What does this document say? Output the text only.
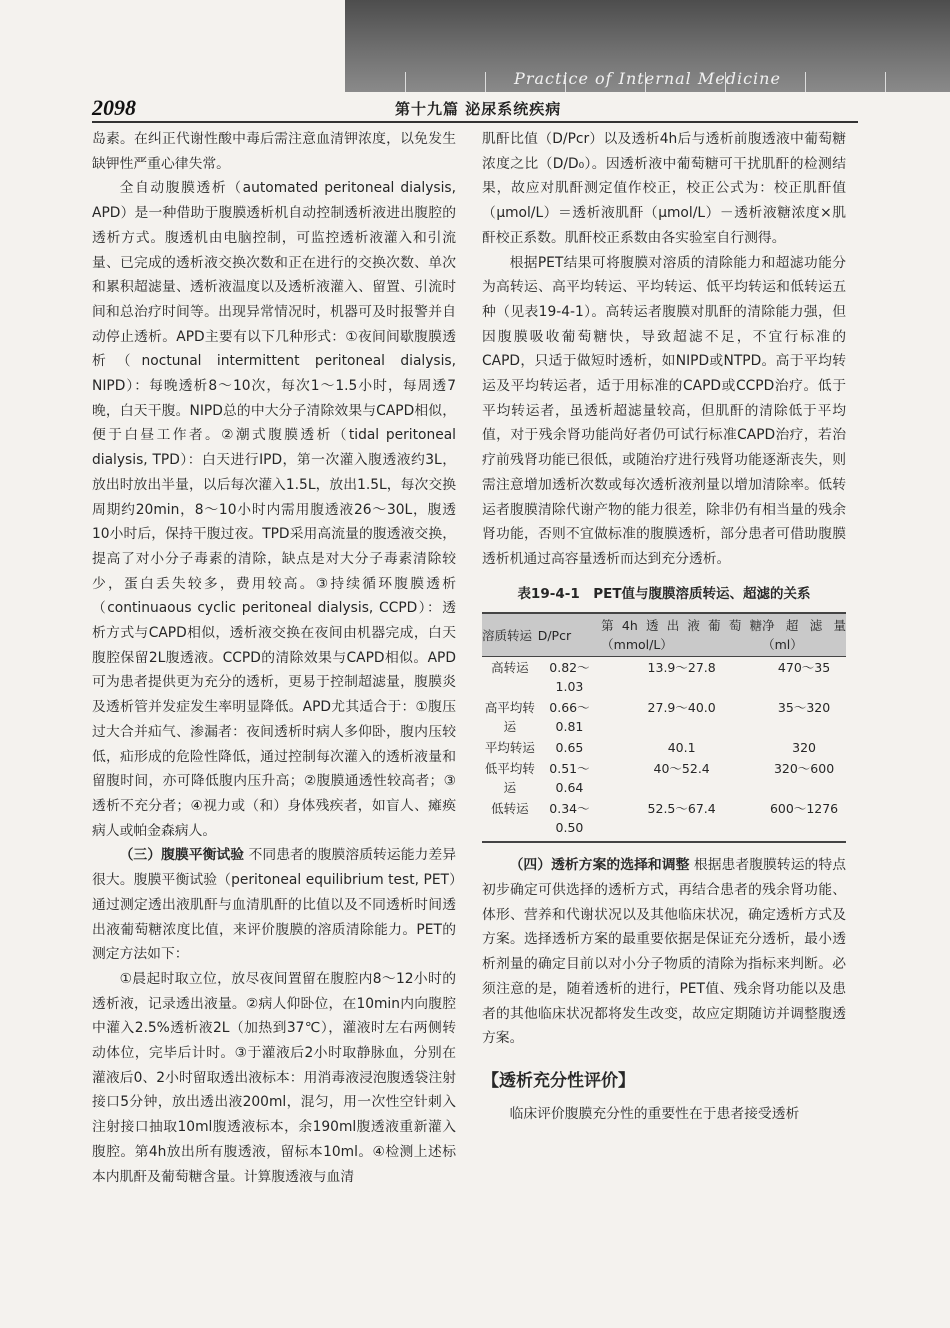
Practice of Internal Medicine
2098	第十九篇 泌尿系统疾病

岛素。在纠正代谢性酸中毒后需注意血清钾浓度，以免发生缺钾性严重心律失常。

全自动腹膜透析（automated peritoneal dialysis, APD）是一种借助于腹膜透析机自动控制透析液进出腹腔的透析方式。腹透机由电脑控制，可监控透析液灌入和引流量、已完成的透析液交换次数和正在进行的交换次数、单次和累积超滤量、透析液温度以及透析液灌入、留置、引流时间和总治疗时间等。出现异常情况时，机器可及时报警并自动停止透析。APD主要有以下几种形式：①夜间间歇腹膜透析（noctunal intermittent peritoneal dialysis, NIPD）：每晚透析8～10次，每次1～1.5小时，每周透7晚，白天干腹。NIPD总的中大分子清除效果与CAPD相似，便于白昼工作者。②潮式腹膜透析（tidal peritoneal dialysis, TPD）：白天进行IPD，第一次灌入腹透液约3L，放出时放出半量，以后每次灌入1.5L，放出1.5L，每次交换周期约20min，8～10小时内需用腹透液26～30L，腹透10小时后，保持干腹过夜。TPD采用高流量的腹透液交换，提高了对小分子毒素的清除，缺点是对大分子毒素清除较少，蛋白丢失较多，费用较高。③持续循环腹膜透析（continuaous cyclic peritoneal dialysis, CCPD）：透析方式与CAPD相似，透析液交换在夜间由机器完成，白天腹腔保留2L腹透液。CCPD的清除效果与CAPD相似。APD可为患者提供更为充分的透析，更易于控制超滤量，腹膜炎及透析管并发症发生率明显降低。APD尤其适合于：①腹压过大合并疝气、渗漏者：夜间透析时病人多仰卧，腹内压较低，疝形成的危险性降低，通过控制每次灌入的透析液量和留腹时间，亦可降低腹内压升高；②腹膜通透性较高者；③透析不充分者；④视力或（和）身体残疾者，如盲人、瘫痪病人或帕金森病人。

（三）腹膜平衡试验 不同患者的腹膜溶质转运能力差异很大。腹膜平衡试验（peritoneal equilibrium test, PET）通过测定透出液肌酐与血清肌酐的比值以及不同透析时间透出液葡萄糖浓度比值，来评价腹膜的溶质清除能力。PET的测定方法如下：

①晨起时取立位，放尽夜间置留在腹腔内8～12小时的透析液，记录透出液量。②病人仰卧位，在10min内向腹腔中灌入2.5%透析液2L（加热到37℃），灌液时左右两侧转动体位，完毕后计时。③于灌液后2小时取静脉血，分别在灌液后0、2小时留取透出液标本：用消毒液浸泡腹透袋注射接口5分钟，放出透出液200ml，混匀，用一次性空针刺入注射接口抽取10ml腹透液标本，余190ml腹透液重新灌入腹腔。第4h放出所有腹透液，留标本10ml。④检测上述标本内肌酐及葡萄糖含量。计算腹透液与血清

肌酐比值（D/Pcr）以及透析4h后与透析前腹透液中葡萄糖浓度之比（D/D₀）。因透析液中葡萄糖可干扰肌酐的检测结果，故应对肌酐测定值作校正，校正公式为：校正肌酐值（μmol/L）＝透析液肌酐（μmol/L）－透析液糖浓度×肌酐校正系数。肌酐校正系数由各实验室自行测得。

根据PET结果可将腹膜对溶质的清除能力和超滤功能分为高转运、高平均转运、平均转运、低平均转运和低转运五种（见表19-4-1）。高转运者腹膜对肌酐的清除能力强，但因腹膜吸收葡萄糖快，导致超滤不足，不宜行标准的CAPD，只适于做短时透析，如NIPD或NTPD。高于平均转运及平均转运者，适于用标准的CAPD或CCPD治疗。低于平均转运者，虽透析超滤量较高，但肌酐的清除低于平均值，对于残余肾功能尚好者仍可试行标准CAPD治疗，若治疗前残肾功能已很低，或随治疗进行残肾功能逐渐丧失，则需注意增加透析次数或每次透析液剂量以增加清除率。低转运者腹膜清除代谢产物的能力很差，除非仍有相当量的残余肾功能，否则不宜做标准的腹膜透析，部分患者可借助腹膜透析机通过高容量透析而达到充分透析。

表19-4-1　PET值与腹膜溶质转运、超滤的关系
溶质转运	D/Pcr	第4h透出液葡萄糖（mmol/L）	净超滤量（ml）
高转运	0.82～1.03	13.9～27.8	470～35
高平均转运	0.66～0.81	27.9～40.0	35～320
平均转运	0.65	40.1	320
低平均转运	0.51～0.64	40～52.4	320～600
低转运	0.34～0.50	52.5～67.4	600～1276

（四）透析方案的选择和调整 根据患者腹膜转运的特点初步确定可供选择的透析方式，再结合患者的残余肾功能、体形、营养和代谢状况以及其他临床状况，确定透析方式及方案。选择透析方案的最重要依据是保证充分透析，最小透析剂量的确定目前以对小分子物质的清除为指标来判断。必须注意的是，随着透析的进行，PET值、残余肾功能以及患者的其他临床状况都将发生改变，故应定期随访并调整腹透方案。

【透析充分性评价】

临床评价腹膜充分性的重要性在于患者接受透析
